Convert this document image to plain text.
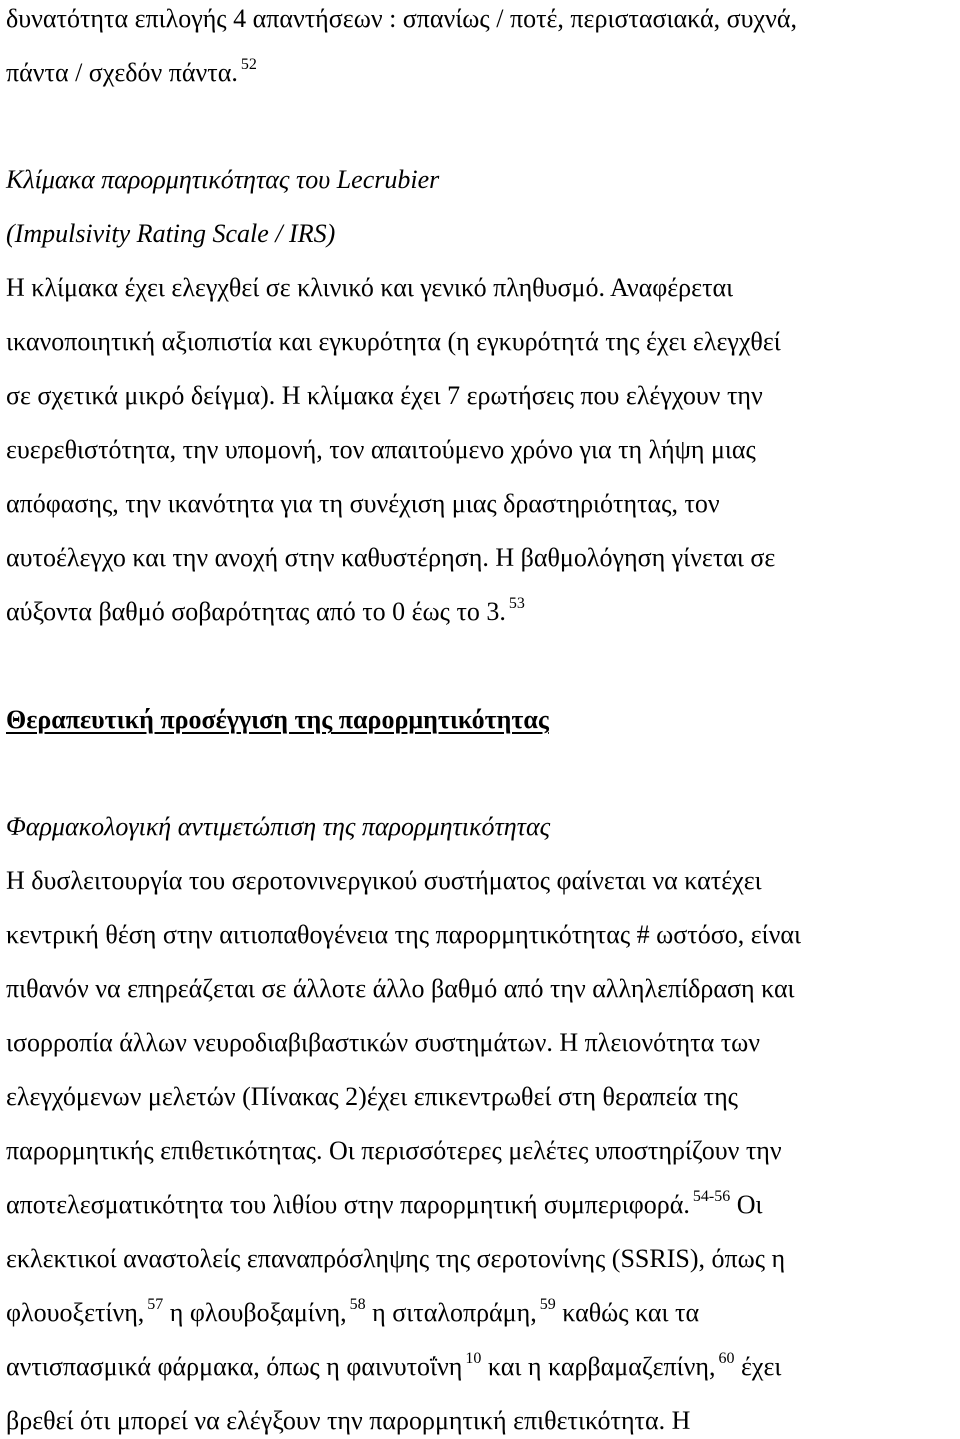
δυνατότητα επιλογής 4 απαντήσεων : σπανίως / ποτέ, περιστασιακά, συχνά,
πάντα / σχεδόν πάντα. $^{52}$
Κλίμακα παρορμητικότητας του Lecrubier
(Impulsivity Rating Scale / IRS)
Η κλίμακα έχει ελεγχθεί σε κλινικό και γενικό πληθυσμό. Αναφέρεται
ικανοποιητική αξιοπιστία και εγκυρότητα (η εγκυρότητά της έχει ελεγχθεί
σε σχετικά μικρό δείγμα). Η κλίμακα έχει 7 ερωτήσεις που ελέγχουν την
ευερεθιστότητα, την υπομονή, τον απαιτούμενο χρόνο για τη λήψη μιας
απόφασης, την ικανότητα για τη συνέχιση μιας δραστηριότητας, τον
αυτοέλεγχο και την ανοχή στην καθυστέρηση. Η βαθμολόγηση γίνεται σε
αύξοντα βαθμό σοβαρότητας από το 0 έως το 3. $^{53}$
Θεραπευτική προσέγγιση της παρορμητικότητας
Φαρμακολογική αντιμετώπιση της παρορμητικότητας
Η δυσλειτουργία του σεροτονινεργικού συστήματος φαίνεται να κατέχει
κεντρική θέση στην αιτιοπαθογένεια της παρορμητικότητας # ωστόσο, είναι
πιθανόν να επηρεάζεται σε άλλοτε άλλο βαθμό από την αλληλεπίδραση και
ισορροπία άλλων νευροδιαβιβαστικών συστημάτων. Η πλειονότητα των
ελεγχόμενων μελετών (Πίνακας 2)έχει επικεντρωθεί στη θεραπεία της
παρορμητικής επιθετικότητας. Οι περισσότερες μελέτες υποστηρίζουν την
αποτελεσματικότητα του λιθίου στην παρορμητική συμπεριφορά. $^{54-56}$ Οι
εκλεκτικοί αναστολείς επαναπρόσληψης της σεροτονίνης (SSRIS), όπως η
φλουοξετίνη, $^{57}$ η φλουβοξαμίνη, $^{58}$ η σιταλοπράμη, $^{59}$ καθώς και τα
αντισπασμικά φάρμακα, όπως η φαινυτοΐνη $^{10}$ και η καρβαμαζεπίνη, $^{60}$ έχει
βρεθεί ότι μπορεί να ελέγξουν την παρορμητική επιθετικότητα. Η
